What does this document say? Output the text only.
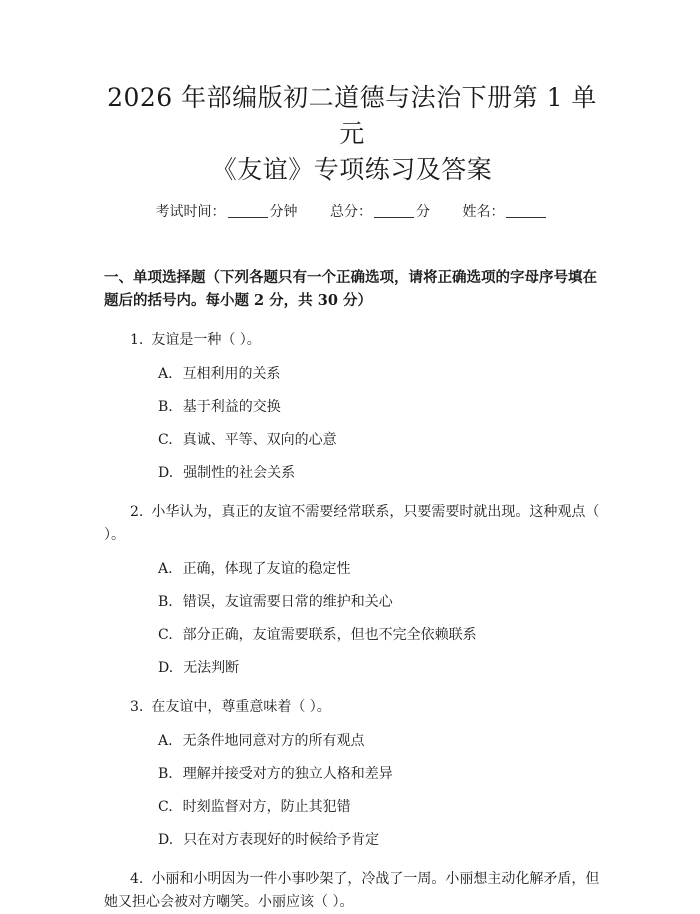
2026 年部编版初二道德与法治下册第 1 单元
《友谊》专项练习及答案
考试时间：	分钟 总分：	分 姓名：
一、单项选择题（下列各题只有一个正确选项，请将正确选项的字母序号填在题后的括号内。每小题 2 分，共 30 分）
1. 友谊是一种（ ）。
A. 互相利用的关系
B. 基于利益的交换
C. 真诚、平等、双向的心意
D. 强制性的社会关系
2. 小华认为，真正的友谊不需要经常联系，只要需要时就出现。这种观点（ ）。
A. 正确，体现了友谊的稳定性
B. 错误，友谊需要日常的维护和关心
C. 部分正确，友谊需要联系，但也不完全依赖联系
D. 无法判断
3. 在友谊中，尊重意味着（ ）。
A. 无条件地同意对方的所有观点
B. 理解并接受对方的独立人格和差异
C. 时刻监督对方，防止其犯错
D. 只在对方表现好的时候给予肯定
4. 小丽和小明因为一件小事吵架了，冷战了一周。小丽想主动化解矛盾，但她又担心会被对方嘲笑。小丽应该（ ）。
